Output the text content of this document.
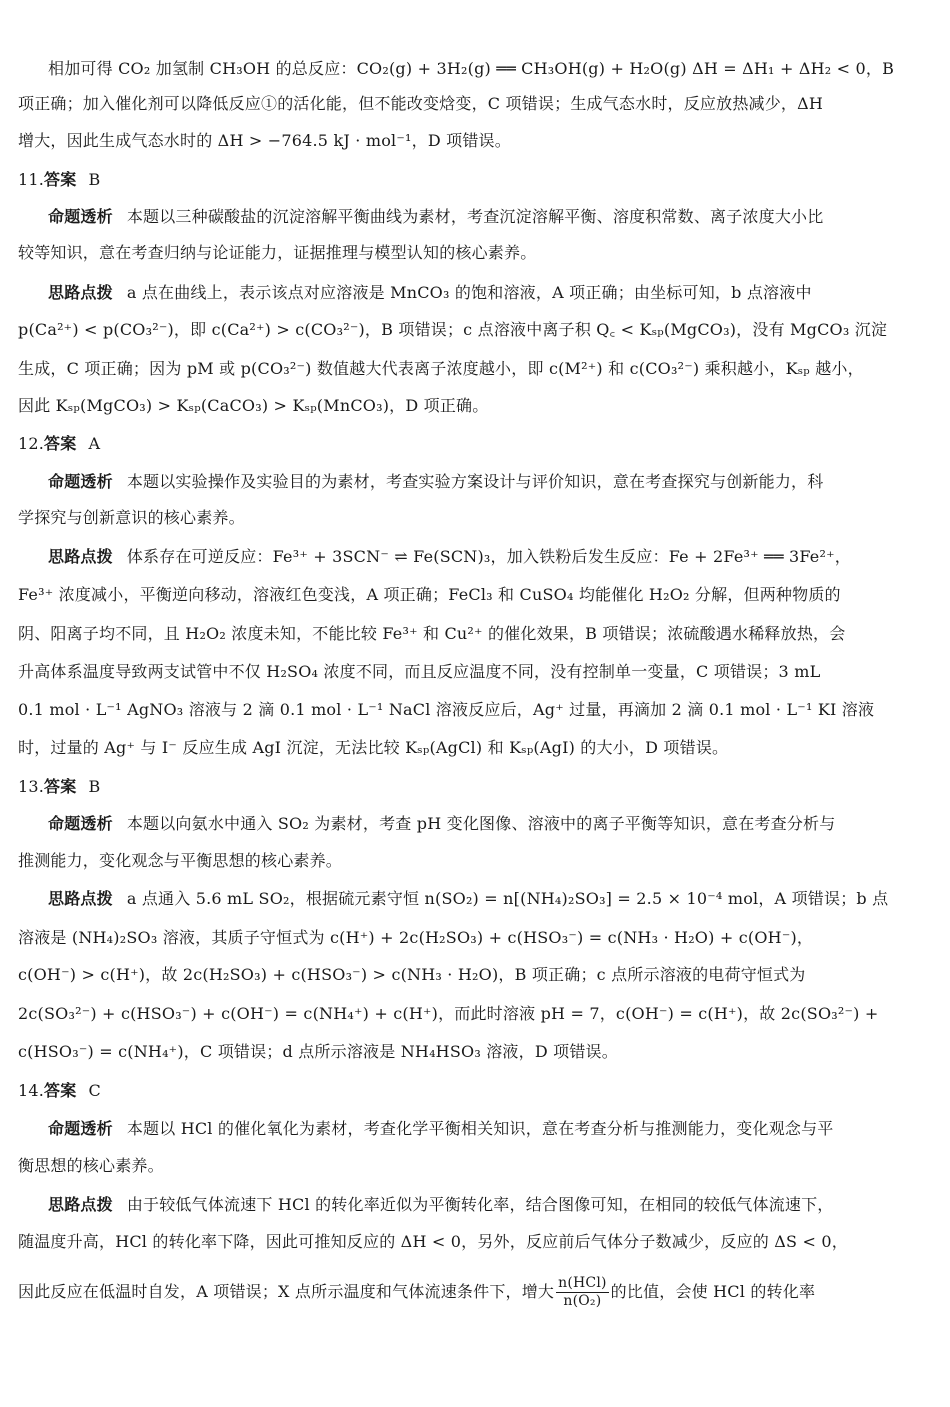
相加可得 CO₂ 加氢制 CH₃OH 的总反应：CO₂(g) + 3H₂(g) ══ CH₃OH(g) + H₂O(g) ΔH = ΔH₁ + ΔH₂ < 0，B
项正确；加入催化剂可以降低反应①的活化能，但不能改变焓变，C 项错误；生成气态水时，反应放热减少，ΔH
增大，因此生成气态水时的 ΔH > −764.5 kJ · mol⁻¹，D 项错误。
11.答案 B
命题透析 本题以三种碳酸盐的沉淀溶解平衡曲线为素材，考查沉淀溶解平衡、溶度积常数、离子浓度大小比
较等知识，意在考查归纳与论证能力，证据推理与模型认知的核心素养。
思路点拨 a 点在曲线上，表示该点对应溶液是 MnCO₃ 的饱和溶液，A 项正确；由坐标可知，b 点溶液中
p(Ca²⁺) < p(CO₃²⁻)，即 c(Ca²⁺) > c(CO₃²⁻)，B 项错误；c 点溶液中离子积 Q꜀ < Kₛₚ(MgCO₃)，没有 MgCO₃ 沉淀
生成，C 项正确；因为 pM 或 p(CO₃²⁻) 数值越大代表离子浓度越小，即 c(M²⁺) 和 c(CO₃²⁻) 乘积越小，Kₛₚ 越小，
因此 Kₛₚ(MgCO₃) > Kₛₚ(CaCO₃) > Kₛₚ(MnCO₃)，D 项正确。
12.答案 A
命题透析 本题以实验操作及实验目的为素材，考查实验方案设计与评价知识，意在考查探究与创新能力，科
学探究与创新意识的核心素养。
思路点拨 体系存在可逆反应：Fe³⁺ + 3SCN⁻ ⇌ Fe(SCN)₃，加入铁粉后发生反应：Fe + 2Fe³⁺ ══ 3Fe²⁺，
Fe³⁺ 浓度减小，平衡逆向移动，溶液红色变浅，A 项正确；FeCl₃ 和 CuSO₄ 均能催化 H₂O₂ 分解，但两种物质的
阴、阳离子均不同，且 H₂O₂ 浓度未知，不能比较 Fe³⁺ 和 Cu²⁺ 的催化效果，B 项错误；浓硫酸遇水稀释放热，会
升高体系温度导致两支试管中不仅 H₂SO₄ 浓度不同，而且反应温度不同，没有控制单一变量，C 项错误；3 mL
0.1 mol · L⁻¹ AgNO₃ 溶液与 2 滴 0.1 mol · L⁻¹ NaCl 溶液反应后，Ag⁺ 过量，再滴加 2 滴 0.1 mol · L⁻¹ KI 溶液
时，过量的 Ag⁺ 与 I⁻ 反应生成 AgI 沉淀，无法比较 Kₛₚ(AgCl) 和 Kₛₚ(AgI) 的大小，D 项错误。
13.答案 B
命题透析 本题以向氨水中通入 SO₂ 为素材，考查 pH 变化图像、溶液中的离子平衡等知识，意在考查分析与
推测能力，变化观念与平衡思想的核心素养。
思路点拨 a 点通入 5.6 mL SO₂，根据硫元素守恒 n(SO₂) = n[(NH₄)₂SO₃] = 2.5 × 10⁻⁴ mol，A 项错误；b 点
溶液是 (NH₄)₂SO₃ 溶液，其质子守恒式为 c(H⁺) + 2c(H₂SO₃) + c(HSO₃⁻) = c(NH₃ · H₂O) + c(OH⁻)，
c(OH⁻) > c(H⁺)，故 2c(H₂SO₃) + c(HSO₃⁻) > c(NH₃ · H₂O)，B 项正确；c 点所示溶液的电荷守恒式为
2c(SO₃²⁻) + c(HSO₃⁻) + c(OH⁻) = c(NH₄⁺) + c(H⁺)，而此时溶液 pH = 7，c(OH⁻) = c(H⁺)，故 2c(SO₃²⁻) +
c(HSO₃⁻) = c(NH₄⁺)，C 项错误；d 点所示溶液是 NH₄HSO₃ 溶液，D 项错误。
14.答案 C
命题透析 本题以 HCl 的催化氧化为素材，考查化学平衡相关知识，意在考查分析与推测能力，变化观念与平
衡思想的核心素养。
思路点拨 由于较低气体流速下 HCl 的转化率近似为平衡转化率，结合图像可知，在相同的较低气体流速下，
随温度升高，HCl 的转化率下降，因此可推知反应的 ΔH < 0，另外，反应前后气体分子数减少，反应的 ΔS < 0，
因此反应在低温时自发，A 项错误；X 点所示温度和气体流速条件下，增大 $\frac{\text{n(HCl)}}{\text{n(O₂)}}$ 的比值，会使 HCl 的转化率
